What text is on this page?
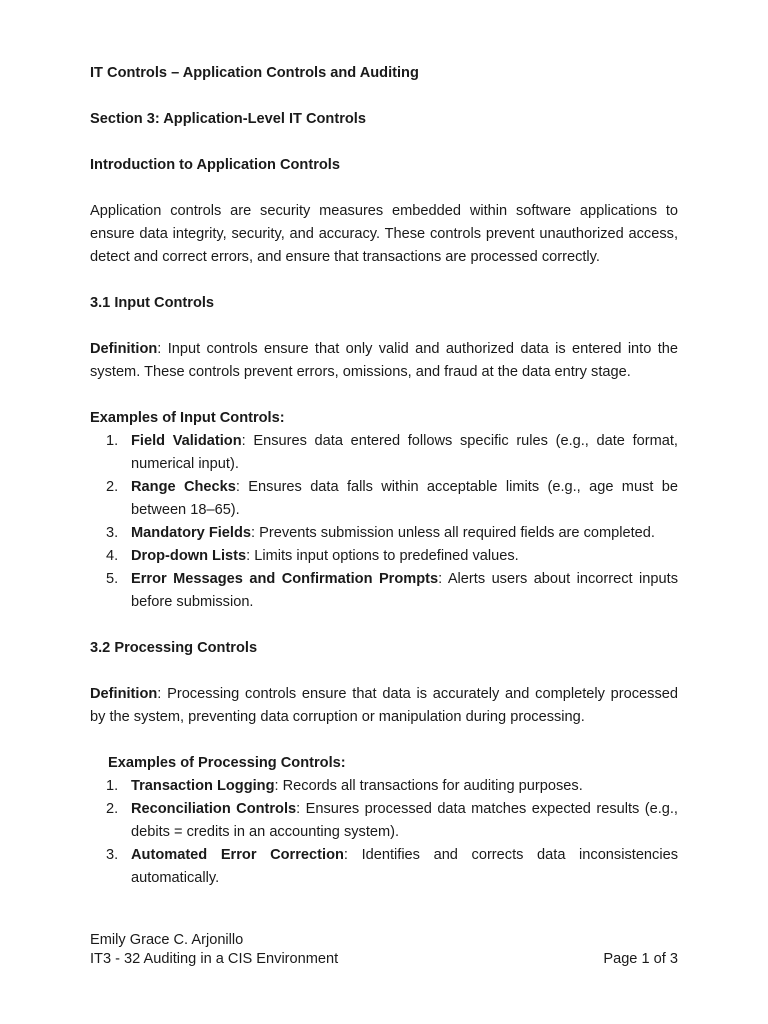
IT Controls – Application Controls and Auditing

Section 3: Application-Level IT Controls

Introduction to Application Controls

Application controls are security measures embedded within software applications to ensure data integrity, security, and accuracy. These controls prevent unauthorized access, detect and correct errors, and ensure that transactions are processed correctly.

3.1 Input Controls

Definition: Input controls ensure that only valid and authorized data is entered into the system. These controls prevent errors, omissions, and fraud at the data entry stage.

Examples of Input Controls:

1. Field Validation: Ensures data entered follows specific rules (e.g., date format, numerical input).
2. Range Checks: Ensures data falls within acceptable limits (e.g., age must be between 18–65).
3. Mandatory Fields: Prevents submission unless all required fields are completed.
4. Drop-down Lists: Limits input options to predefined values.
5. Error Messages and Confirmation Prompts: Alerts users about incorrect inputs before submission.

3.2 Processing Controls

Definition: Processing controls ensure that data is accurately and completely processed by the system, preventing data corruption or manipulation during processing.

Examples of Processing Controls:

1. Transaction Logging: Records all transactions for auditing purposes.
2. Reconciliation Controls: Ensures processed data matches expected results (e.g., debits = credits in an accounting system).
3. Automated Error Correction: Identifies and corrects data inconsistencies automatically.
Emily Grace C. Arjonillo
IT3 - 32 Auditing in a CIS Environment	Page 1 of 3
